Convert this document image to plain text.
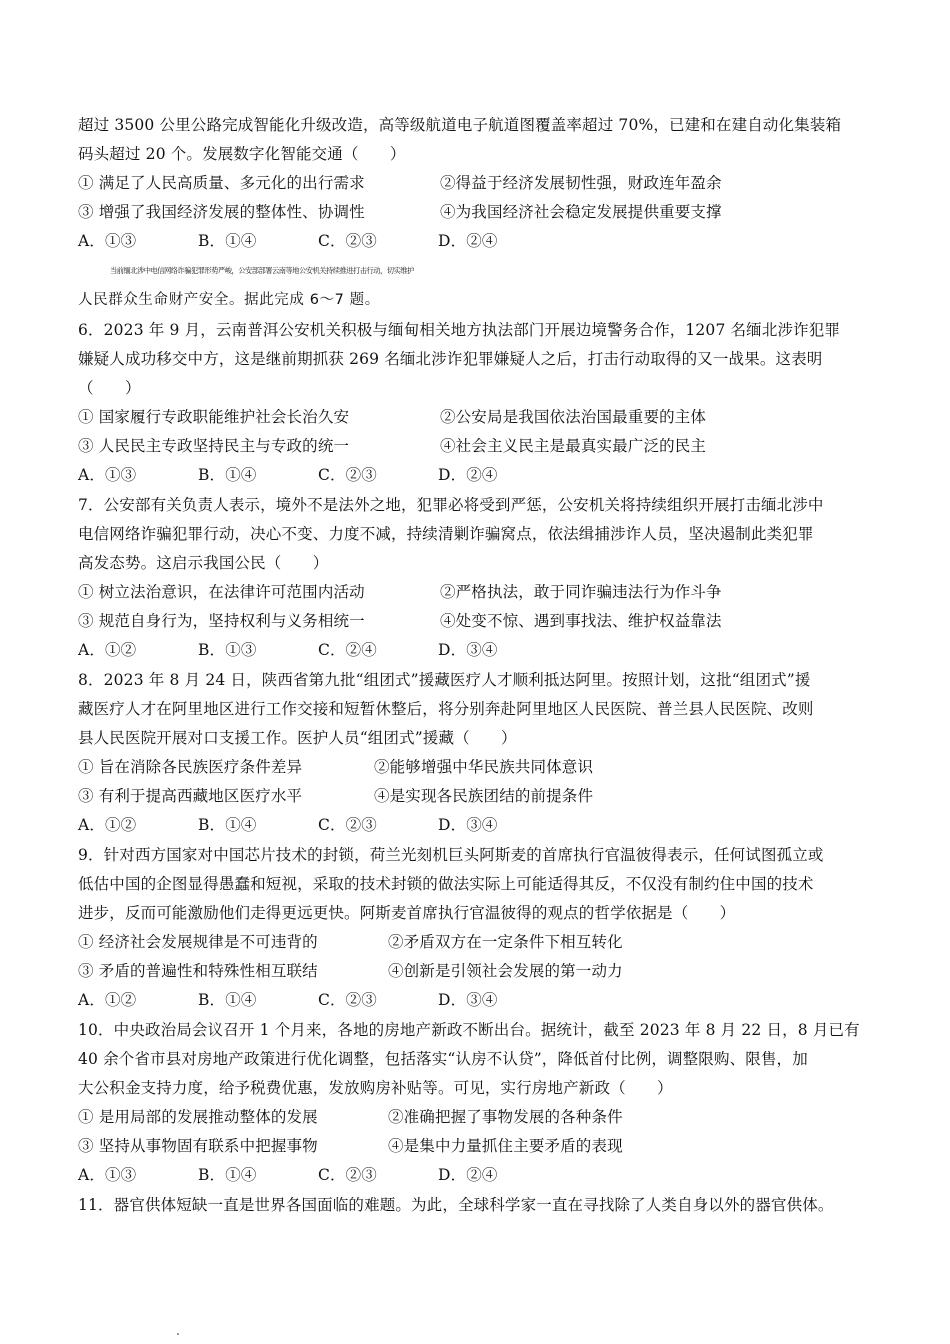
超过 3500 公里公路完成智能化升级改造，高等级航道电子航道图覆盖率超过 70%，已建和在建自动化集装箱
码头超过 20 个。发展数字化智能交通（　　）
① 满足了人民高质量、多元化的出行需求	②得益于经济发展韧性强，财政连年盈余
③ 增强了我国经济发展的整体性、协调性	④为我国经济社会稳定发展提供重要支撑
A．①③	B．①④	C．②③	D．②④
当前缅北涉中电信网络诈骗犯罪形势严峻，公安部部署云南等地公安机关持续推进打击行动，切实维护
人民群众生命财产安全。据此完成 6～7 题。
6．2023 年 9 月，云南普洱公安机关积极与缅甸相关地方执法部门开展边境警务合作，1207 名缅北涉诈犯罪
嫌疑人成功移交中方，这是继前期抓获 269 名缅北涉诈犯罪嫌疑人之后，打击行动取得的又一战果。这表明
（　　）
① 国家履行专政职能维护社会长治久安	②公安局是我国依法治国最重要的主体
③ 人民民主专政坚持民主与专政的统一	④社会主义民主是最真实最广泛的民主
A．①③	B．①④	C．②③	D．②④
7．公安部有关负责人表示，境外不是法外之地，犯罪必将受到严惩，公安机关将持续组织开展打击缅北涉中
电信网络诈骗犯罪行动，决心不变、力度不减，持续清剿诈骗窝点，依法缉捕涉诈人员，坚决遏制此类犯罪
高发态势。这启示我国公民（　　）
① 树立法治意识，在法律许可范围内活动	②严格执法，敢于同诈骗违法行为作斗争
③ 规范自身行为，坚持权利与义务相统一	④处变不惊、遇到事找法、维护权益靠法
A．①②	B．①③	C．②④	D．③④
8．2023 年 8 月 24 日，陕西省第九批“组团式”援藏医疗人才顺利抵达阿里。按照计划，这批“组团式”援
藏医疗人才在阿里地区进行工作交接和短暂休整后，将分别奔赴阿里地区人民医院、普兰县人民医院、改则
县人民医院开展对口支援工作。医护人员“组团式”援藏（　　）
① 旨在消除各民族医疗条件差异	②能够增强中华民族共同体意识
③ 有利于提高西藏地区医疗水平	④是实现各民族团结的前提条件
A．①②	B．①④	C．②③	D．③④
9．针对西方国家对中国芯片技术的封锁，荷兰光刻机巨头阿斯麦的首席执行官温彼得表示，任何试图孤立或
低估中国的企图显得愚蠢和短视，采取的技术封锁的做法实际上可能适得其反，不仅没有制约住中国的技术
进步，反而可能激励他们走得更远更快。阿斯麦首席执行官温彼得的观点的哲学依据是（　　）
① 经济社会发展规律是不可违背的	②矛盾双方在一定条件下相互转化
③ 矛盾的普遍性和特殊性相互联结	④创新是引领社会发展的第一动力
A．①②	B．①④	C．②③	D．③④
10．中央政治局会议召开 1 个月来，各地的房地产新政不断出台。据统计，截至 2023 年 8 月 22 日，8 月已有
40 余个省市县对房地产政策进行优化调整，包括落实“认房不认贷”，降低首付比例，调整限购、限售，加
大公积金支持力度，给予税费优惠，发放购房补贴等。可见，实行房地产新政（　　）
① 是用局部的发展推动整体的发展	②准确把握了事物发展的各种条件
③ 坚持从事物固有联系中把握事物	④是集中力量抓住主要矛盾的表现
A．①③	B．①④	C．②③	D．②④
11．器官供体短缺一直是世界各国面临的难题。为此，全球科学家一直在寻找除了人类自身以外的器官供体。
